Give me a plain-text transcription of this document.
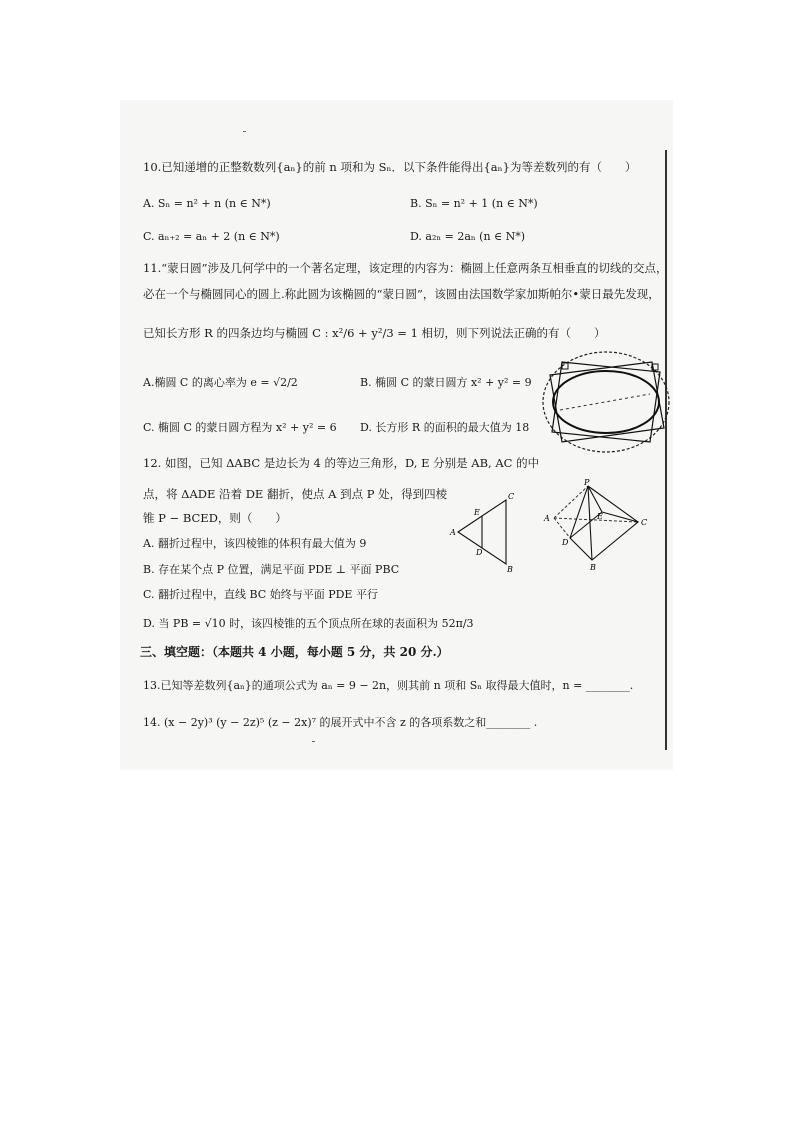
10.已知递增的正整数数列{aₙ}的前 n 项和为 Sₙ．以下条件能得出{aₙ}为等差数列的有（　　）
A. Sₙ = n² + n (n ∈ N*)	B. Sₙ = n² + 1 (n ∈ N*)
C. aₙ₊₂ = aₙ + 2 (n ∈ N*)	D. a₂ₙ = 2aₙ (n ∈ N*)
11.“蒙日圆”涉及几何学中的一个著名定理，该定理的内容为：椭圆上任意两条互相垂直的切线的交点，
必在一个与椭圆同心的圆上.称此圆为该椭圆的“蒙日圆”，该圆由法国数学家加斯帕尔•蒙日最先发现，
已知长方形 R 的四条边均与椭圆 C : x²/6 + y²/3 = 1 相切，则下列说法正确的有（　　）
A.椭圆 C 的离心率为 e = √2/2	B. 椭圆 C 的蒙日圆方 x² + y² = 9
C. 椭圆 C 的蒙日圆方程为 x² + y² = 6 D. 长方形 R 的面积的最大值为 18
12. 如图，已知 ΔABC 是边长为 4 的等边三角形，D, E 分别是 AB, AC 的中
点，将 ΔADE 沿着 DE 翻折，使点 A 到点 P 处，得到四棱
锥 P − BCED，则（　　）
A. 翻折过程中，该四棱锥的体积有最大值为 9
B. 存在某个点 P 位置，满足平面 PDE ⊥ 平面 PBC
C. 翻折过程中，直线 BC 始终与平面 PDE 平行
D. 当 PB = √10 时，该四棱锥的五个顶点所在球的表面积为 52π/3
A
C
B
E
D
P
A	C
B
D
E
三、填空题：（本题共 4 小题，每小题 5 分，共 20 分.）
13.已知等差数列{aₙ}的通项公式为 aₙ = 9 − 2n，则其前 n 项和 Sₙ 取得最大值时，n = ________.
14. (x − 2y)³ (y − 2z)⁵ (z − 2x)⁷ 的展开式中不含 z 的各项系数之和________ .
